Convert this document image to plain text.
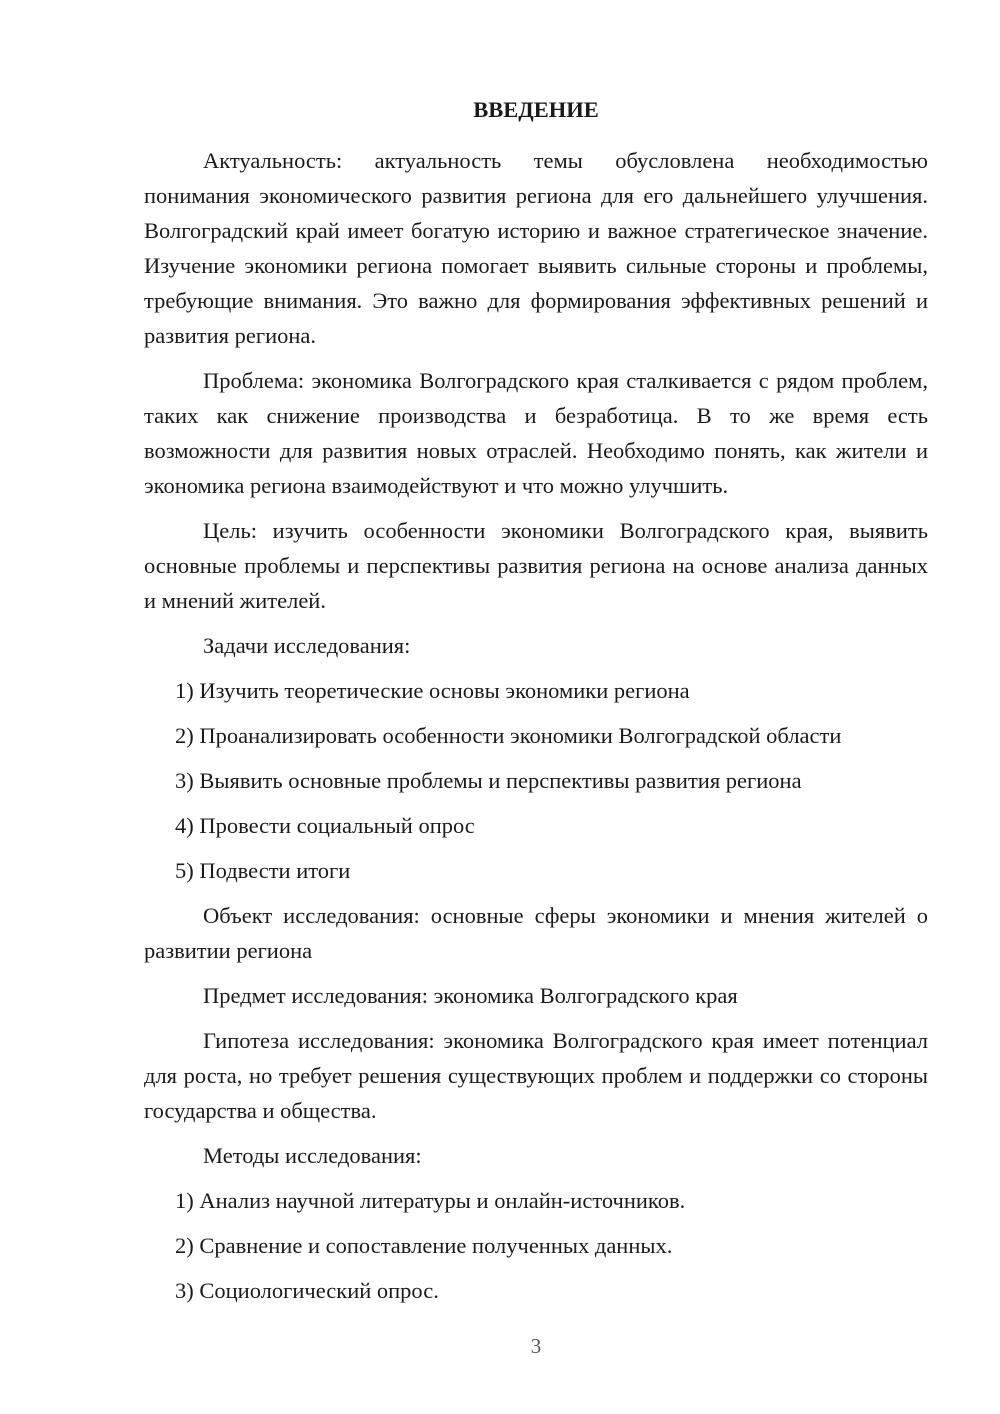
ВВЕДЕНИЕ

Актуальность: актуальность темы обусловлена необходимостью понимания экономического развития региона для его дальнейшего улучшения. Волгоградский край имеет богатую историю и важное стратегическое значение. Изучение экономики региона помогает выявить сильные стороны и проблемы, требующие внимания. Это важно для формирования эффективных решений и развития региона.

Проблема: экономика Волгоградского края сталкивается с рядом проблем, таких как снижение производства и безработица. В то же время есть возможности для развития новых отраслей. Необходимо понять, как жители и экономика региона взаимодействуют и что можно улучшить.

Цель: изучить особенности экономики Волгоградского края, выявить основные проблемы и перспективы развития региона на основе анализа данных и мнений жителей.

Задачи исследования:

1) Изучить теоретические основы экономики региона
2) Проанализировать особенности экономики Волгоградской области
3) Выявить основные проблемы и перспективы развития региона
4) Провести социальный опрос
5) Подвести итоги

Объект исследования: основные сферы экономики и мнения жителей о развитии региона

Предмет исследования: экономика Волгоградского края

Гипотеза исследования: экономика Волгоградского края имеет потенциал для роста, но требует решения существующих проблем и поддержки со стороны государства и общества.

Методы исследования:

1) Анализ научной литературы и онлайн-источников.
2) Сравнение и сопоставление полученных данных.
3) Социологический опрос.
3
